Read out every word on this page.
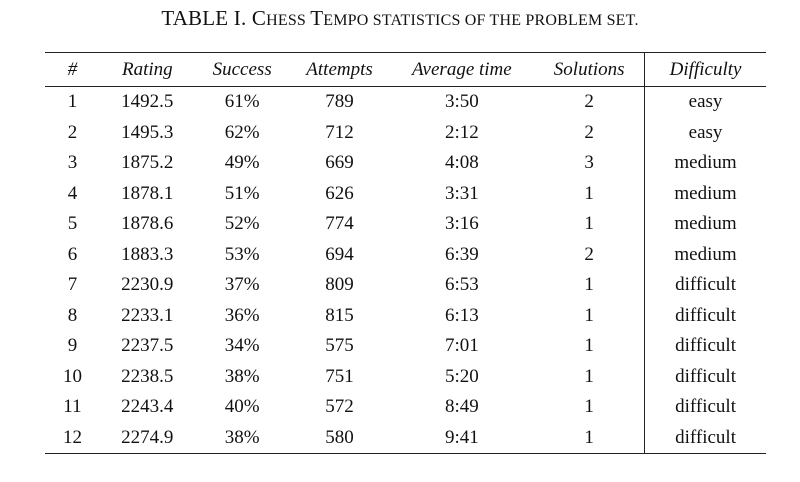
TABLE I. CHESS TEMPO STATISTICS OF THE PROBLEM SET.
#	Rating	Success	Attempts	Average time	Solutions	Difficulty
1	1492.5	61%	789	3:50	2	easy
2	1495.3	62%	712	2:12	2	easy
3	1875.2	49%	669	4:08	3	medium
4	1878.1	51%	626	3:31	1	medium
5	1878.6	52%	774	3:16	1	medium
6	1883.3	53%	694	6:39	2	medium
7	2230.9	37%	809	6:53	1	difficult
8	2233.1	36%	815	6:13	1	difficult
9	2237.5	34%	575	7:01	1	difficult
10	2238.5	38%	751	5:20	1	difficult
11	2243.4	40%	572	8:49	1	difficult
12	2274.9	38%	580	9:41	1	difficult
